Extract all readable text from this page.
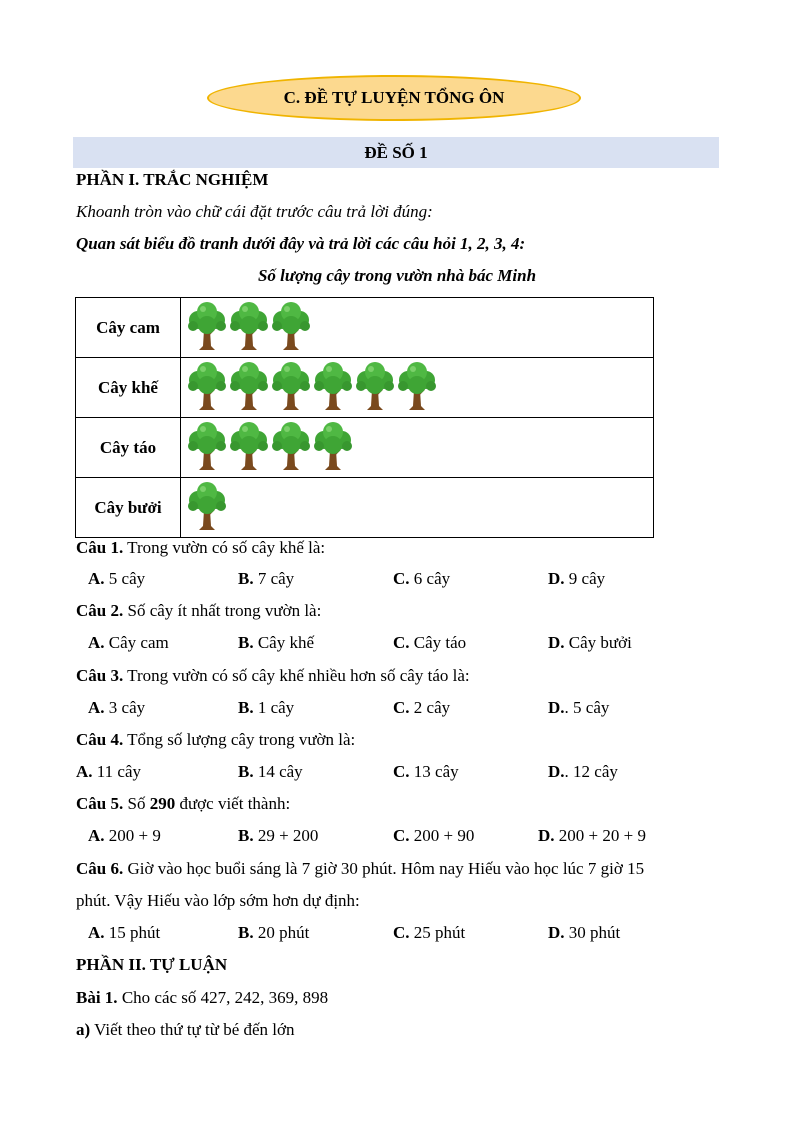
C. ĐỀ TỰ LUYỆN TỔNG ÔN
ĐỀ SỐ 1
PHẦN I. TRẮC NGHIỆM
Khoanh tròn vào chữ cái đặt trước câu trả lời đúng:
Quan sát biểu đồ tranh dưới đây và trả lời các câu hỏi 1, 2, 3, 4:
Số lượng cây trong vườn nhà bác Minh
Cây cam	

Cây khế	

Cây táo	

Cây bưởi	
Câu 1. Trong vườn có số cây khế là:
A. 5 cây	B. 7 cây	C. 6 cây	D. 9 cây
Câu 2. Số cây ít nhất trong vườn là:
A. Cây cam	B. Cây khế	C. Cây táo	D. Cây bưởi
Câu 3. Trong vườn có số cây khế nhiều hơn số cây táo là:
A. 3 cây	B. 1 cây	C. 2 cây	D.. 5 cây
Câu 4. Tổng số lượng cây trong vườn là:
A. 11 cây	B. 14 cây	C. 13 cây	D.. 12 cây
Câu 5. Số 290 được viết thành:
A. 200 + 9	B. 29 + 200	C. 200 + 90	D. 200 + 20 + 9
Câu 6. Giờ vào học buổi sáng là 7 giờ 30 phút. Hôm nay Hiếu vào học lúc 7 giờ 15
phút. Vậy Hiếu vào lớp sớm hơn dự định:
A. 15 phút	B. 20 phút	C. 25 phút	D. 30 phút
PHẦN II. TỰ LUẬN
Bài 1. Cho các số 427, 242, 369, 898
a) Viết theo thứ tự từ bé đến lớn
